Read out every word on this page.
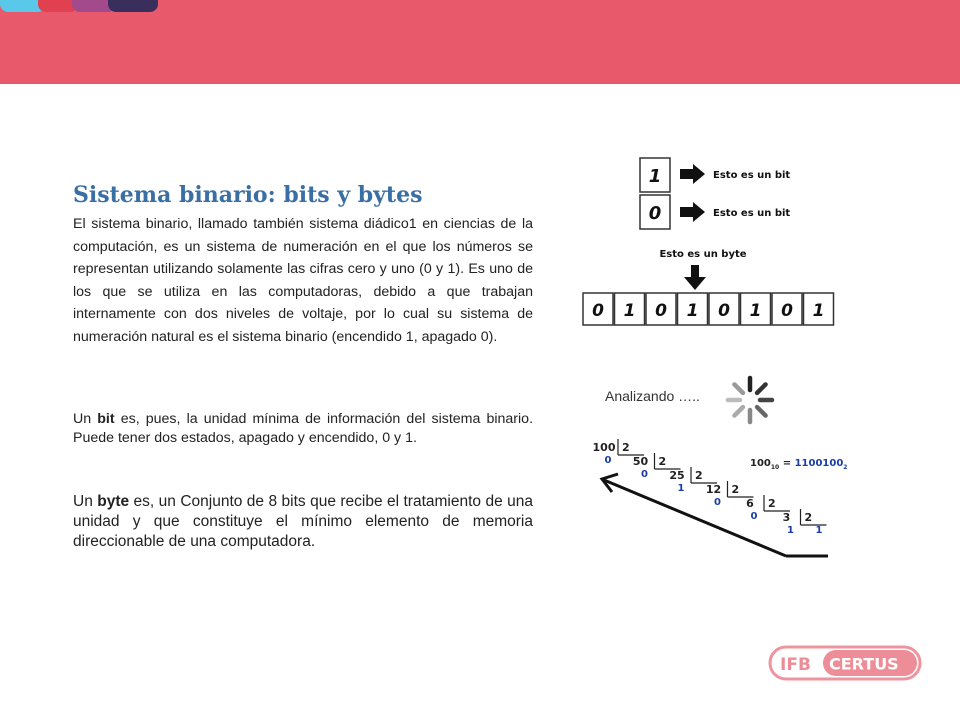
Sistema binario: bits y bytes

El sistema binario, llamado también sistema diádico1 en ciencias de la computación, es un sistema de numeración en el que los números se representan utilizando solamente las cifras cero y uno (0 y 1). Es uno de los que se utiliza en las computadoras, debido a que trabajan internamente con dos niveles de voltaje, por lo cual su sistema de numeración natural es el sistema binario (encendido 1, apagado 0).

Un bit es, pues, la unidad mínima de información del sistema binario. Puede tener dos estados, apagado y encendido, 0 y 1.

Un byte es, un Conjunto de 8 bits que recibe el tratamiento de una unidad y que constituye el mínimo elemento de memoria direccionable de una computadora.

1	Esto es un bit
0	Esto es un bit
Esto es un byte
0 1 0 1 0 1 0 1
Analizando …..
100 2
0 50 2
0 25 2
1 12 2
0 6 2
0 3 2
1 1
$100_{10} = 1100100_2$
IFB CERTUS
